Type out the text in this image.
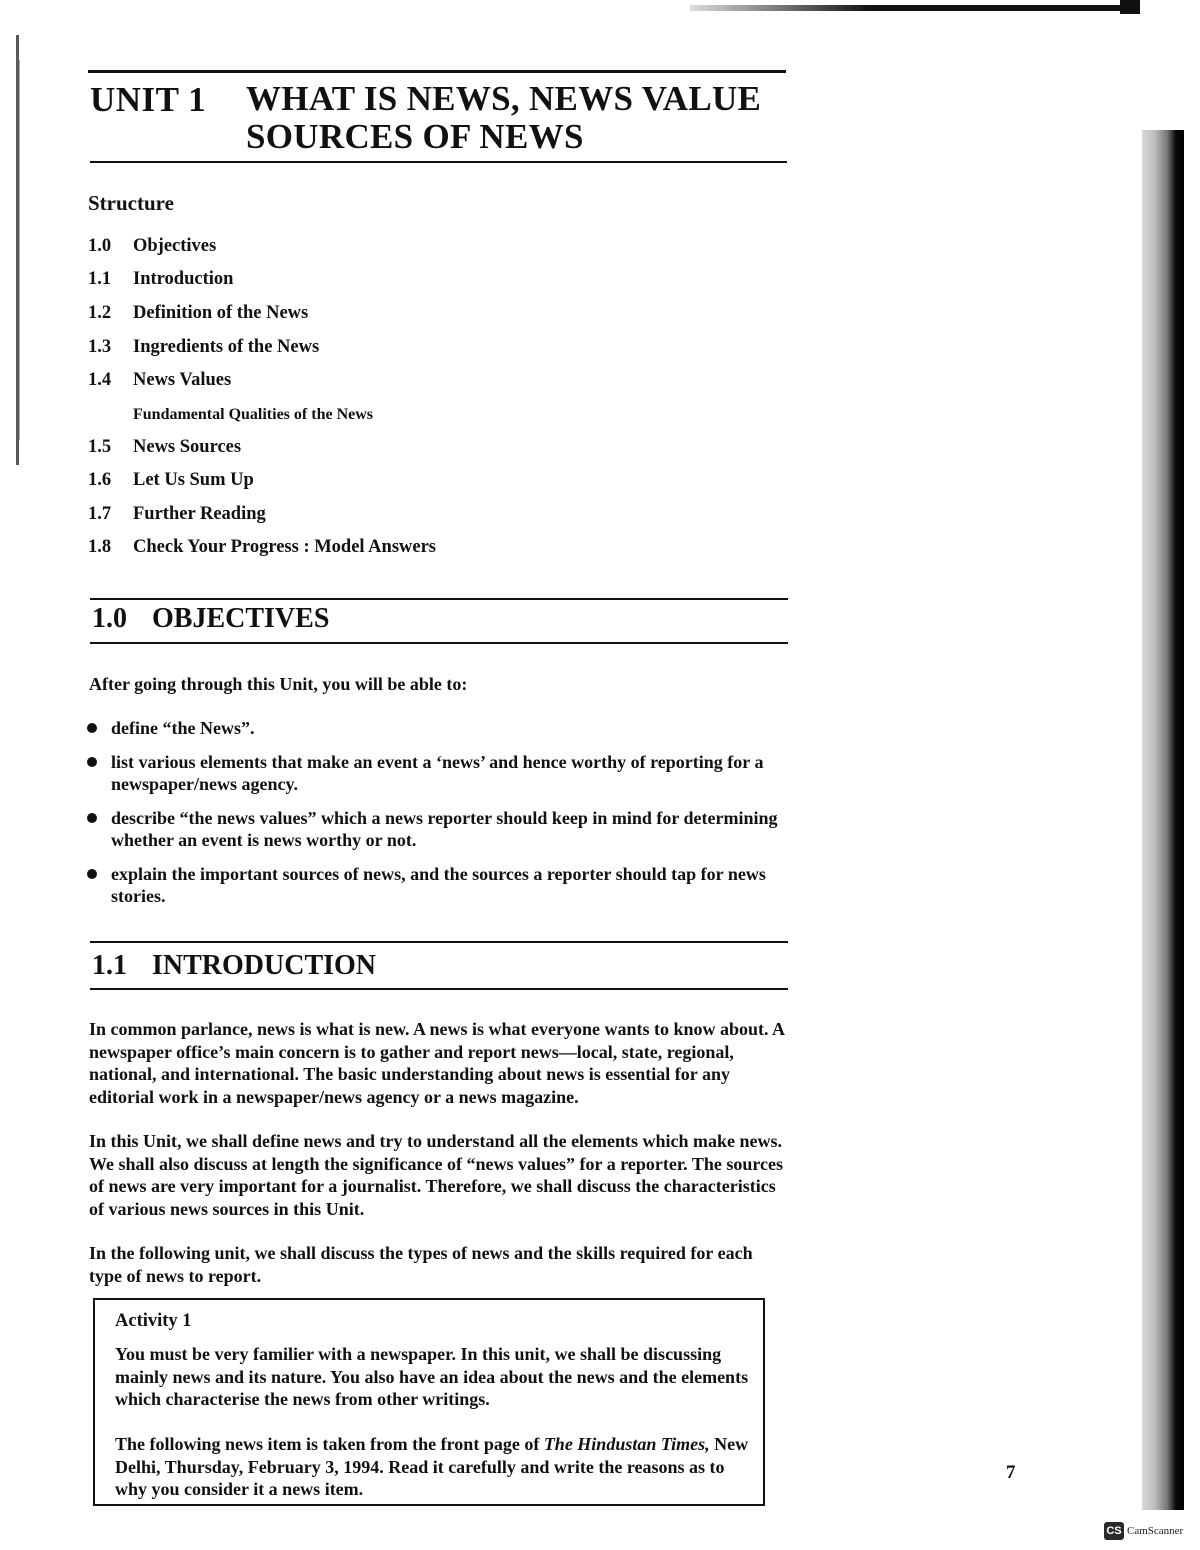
UNIT 1 WHAT IS NEWS, NEWS VALUE
SOURCES OF NEWS
Structure
1.0	Objectives
1.1	Introduction
1.2	Definition of the News
1.3	Ingredients of the News
1.4	News Values
Fundamental Qualities of the News
1.5	News Sources
1.6	Let Us Sum Up
1.7	Further Reading
1.8	Check Your Progress : Model Answers
1.0 OBJECTIVES

After going through this Unit, you will be able to:

define “the News”.
list various elements that make an event a ‘news’ and hence worthy of reporting for a newspaper/news agency.
describe “the news values” which a news reporter should keep in mind for determining whether an event is news worthy or not.
explain the important sources of news, and the sources a reporter should tap for news stories.
1.1 INTRODUCTION

In common parlance, news is what is new. A news is what everyone wants to know about. A newspaper office’s main concern is to gather and report news—local, state, regional, national, and international. The basic understanding about news is essential for any editorial work in a newspaper/news agency or a news magazine.

In this Unit, we shall define news and try to understand all the elements which make news. We shall also discuss at length the significance of “news values” for a reporter. The sources of news are very important for a journalist. Therefore, we shall discuss the characteristics of various news sources in this Unit.

In the following unit, we shall discuss the types of news and the skills required for each type of news to report.

Activity 1

You must be very familier with a newspaper. In this unit, we shall be discussing mainly news and its nature. You also have an idea about the news and the elements which characterise the news from other writings.

The following news item is taken from the front page of The Hindustan Times, New Delhi, Thursday, February 3, 1994. Read it carefully and write the reasons as to why you consider it a news item.

7
CS CamScanner
